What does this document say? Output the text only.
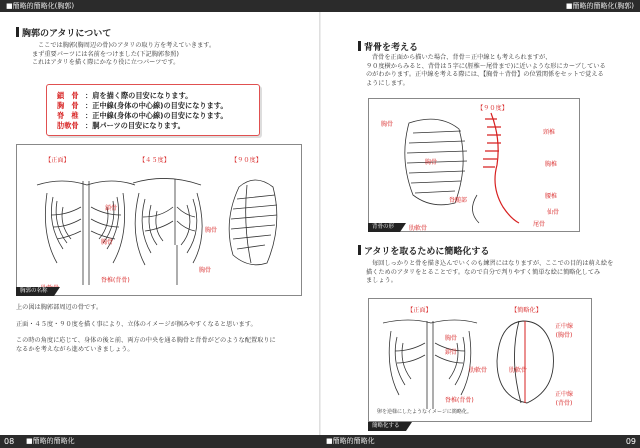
■簡略的簡略化(胸郭)	■簡略的簡略化(胸郭)
08 ■簡略的簡略化	■簡略的簡略化	09
胸郭のアタリについて
ここでは胸郭(胸周辺の骨)のアタリの取り方を考えていきます。
まず重要パーツには名前をつけました(下記胸郭参照)
これはアタリを描く際にかなり役に立つパーツです。
鎖　骨 ：肩を描く際の目安になります。
胸　骨 ：正中線(身体の中心線)の目安になります。
脊　椎 ：正中線(身体の中心線)の目安になります。
肋軟骨 ：胴パーツの目安になります。
【正面】	【４５度】	【９０度】
鎖骨
胸骨
胸骨
胸骨
脊椎(背骨)
胸郭の名称
上の図は胸郭部周辺の骨です。
正面・４５度・９０度を描く事により、立体のイメージが掴みやすくなると思います。
この時の角度に応じて、身体の後と前、両方の中央を通る胸骨と背骨がどのような配置取りに
なるかを考えながら進めていきましょう。
背骨を考える
背骨を正面から描いた場合、背骨＝正中線とも考えられますが、
９０度横からみると、背骨は５字に(脛椎〜尾骨まで)に近いような形にカーブしている
のがわかります。正中線を考える際には、【胸骨＋背骨】の位置関係をセットで覚える
ようにします。
【９０度】
胸骨
胸骨
頸椎
胸椎
腰椎
仙骨
尾骨
脊髄部
肋軟骨
背骨の形
アタリを取るために簡略化する
毎回しっかりと骨を描き込んでいくのも練習にはなりますが、ここでの目的は萌え絵を
描くためのアタリをとることです。なので自分で判りやすく簡単な絵に簡略化してみ
ましょう。
【正面】	【簡略化】
胸骨
鎖骨
肋軟骨
脊椎(背骨)
正中線
(胸骨)
正中線
(背骨)
肋軟骨
卵を逆様にしたようなイメージに簡略化。
簡略化する
